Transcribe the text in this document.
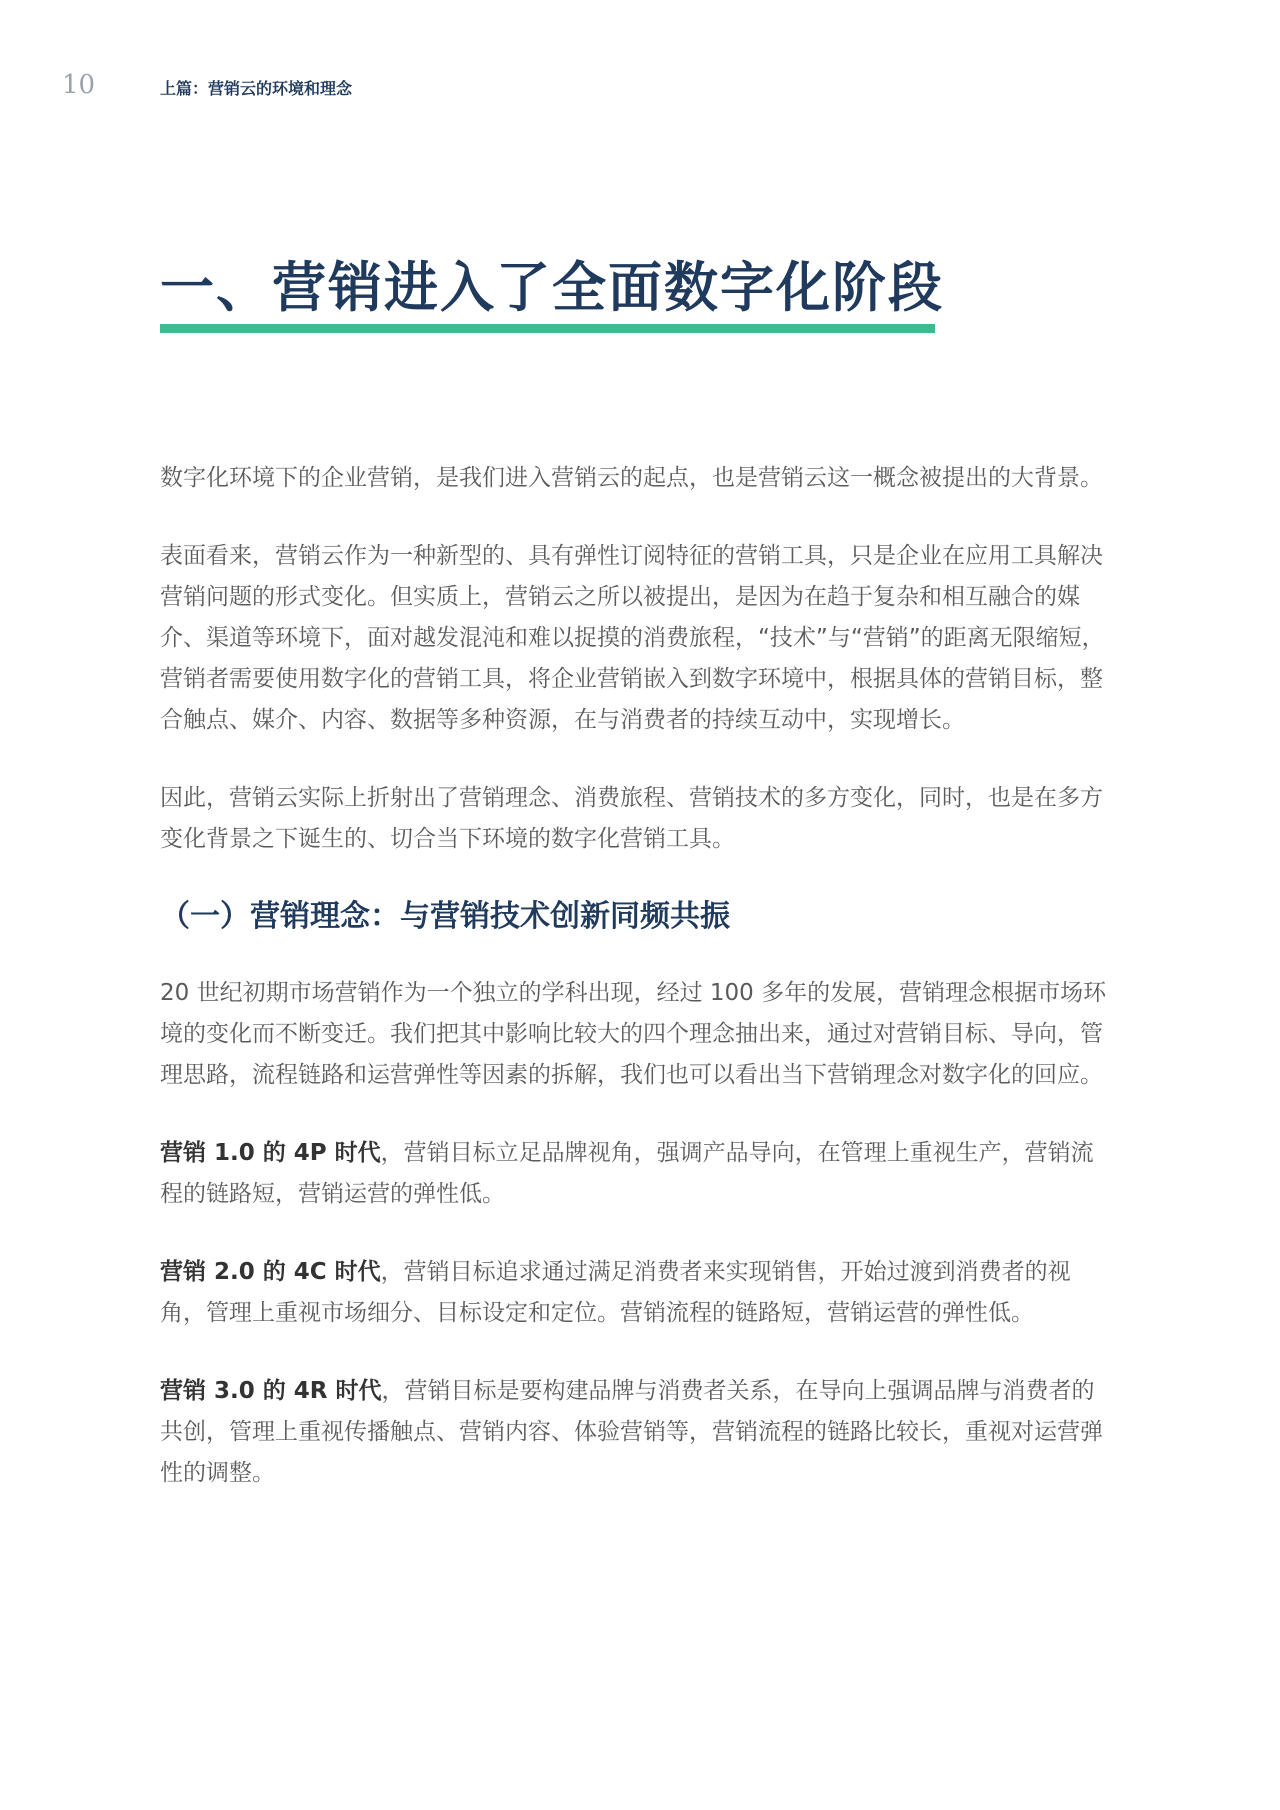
10	上篇：营销云的环境和理念
一、营销进入了全面数字化阶段

数字化环境下的企业营销，是我们进入营销云的起点，也是营销云这一概念被提出的大背景。

表面看来，营销云作为一种新型的、具有弹性订阅特征的营销工具，只是企业在应用工具解决营销问题的形式变化。但实质上，营销云之所以被提出，是因为在趋于复杂和相互融合的媒介、渠道等环境下，面对越发混沌和难以捉摸的消费旅程，“技术”与“营销”的距离无限缩短，营销者需要使用数字化的营销工具，将企业营销嵌入到数字环境中，根据具体的营销目标，整合触点、媒介、内容、数据等多种资源，在与消费者的持续互动中，实现增长。

因此，营销云实际上折射出了营销理念、消费旅程、营销技术的多方变化，同时，也是在多方变化背景之下诞生的、切合当下环境的数字化营销工具。

（一）营销理念：与营销技术创新同频共振

20 世纪初期市场营销作为一个独立的学科出现，经过 100 多年的发展，营销理念根据市场环境的变化而不断变迁。我们把其中影响比较大的四个理念抽出来，通过对营销目标、导向，管理思路，流程链路和运营弹性等因素的拆解，我们也可以看出当下营销理念对数字化的回应。

营销 1.0 的 4P 时代，营销目标立足品牌视角，强调产品导向，在管理上重视生产，营销流程的链路短，营销运营的弹性低。

营销 2.0 的 4C 时代，营销目标追求通过满足消费者来实现销售，开始过渡到消费者的视角，管理上重视市场细分、目标设定和定位。营销流程的链路短，营销运营的弹性低。

营销 3.0 的 4R 时代，营销目标是要构建品牌与消费者关系，在导向上强调品牌与消费者的共创，管理上重视传播触点、营销内容、体验营销等，营销流程的链路比较长，重视对运营弹性的调整。
